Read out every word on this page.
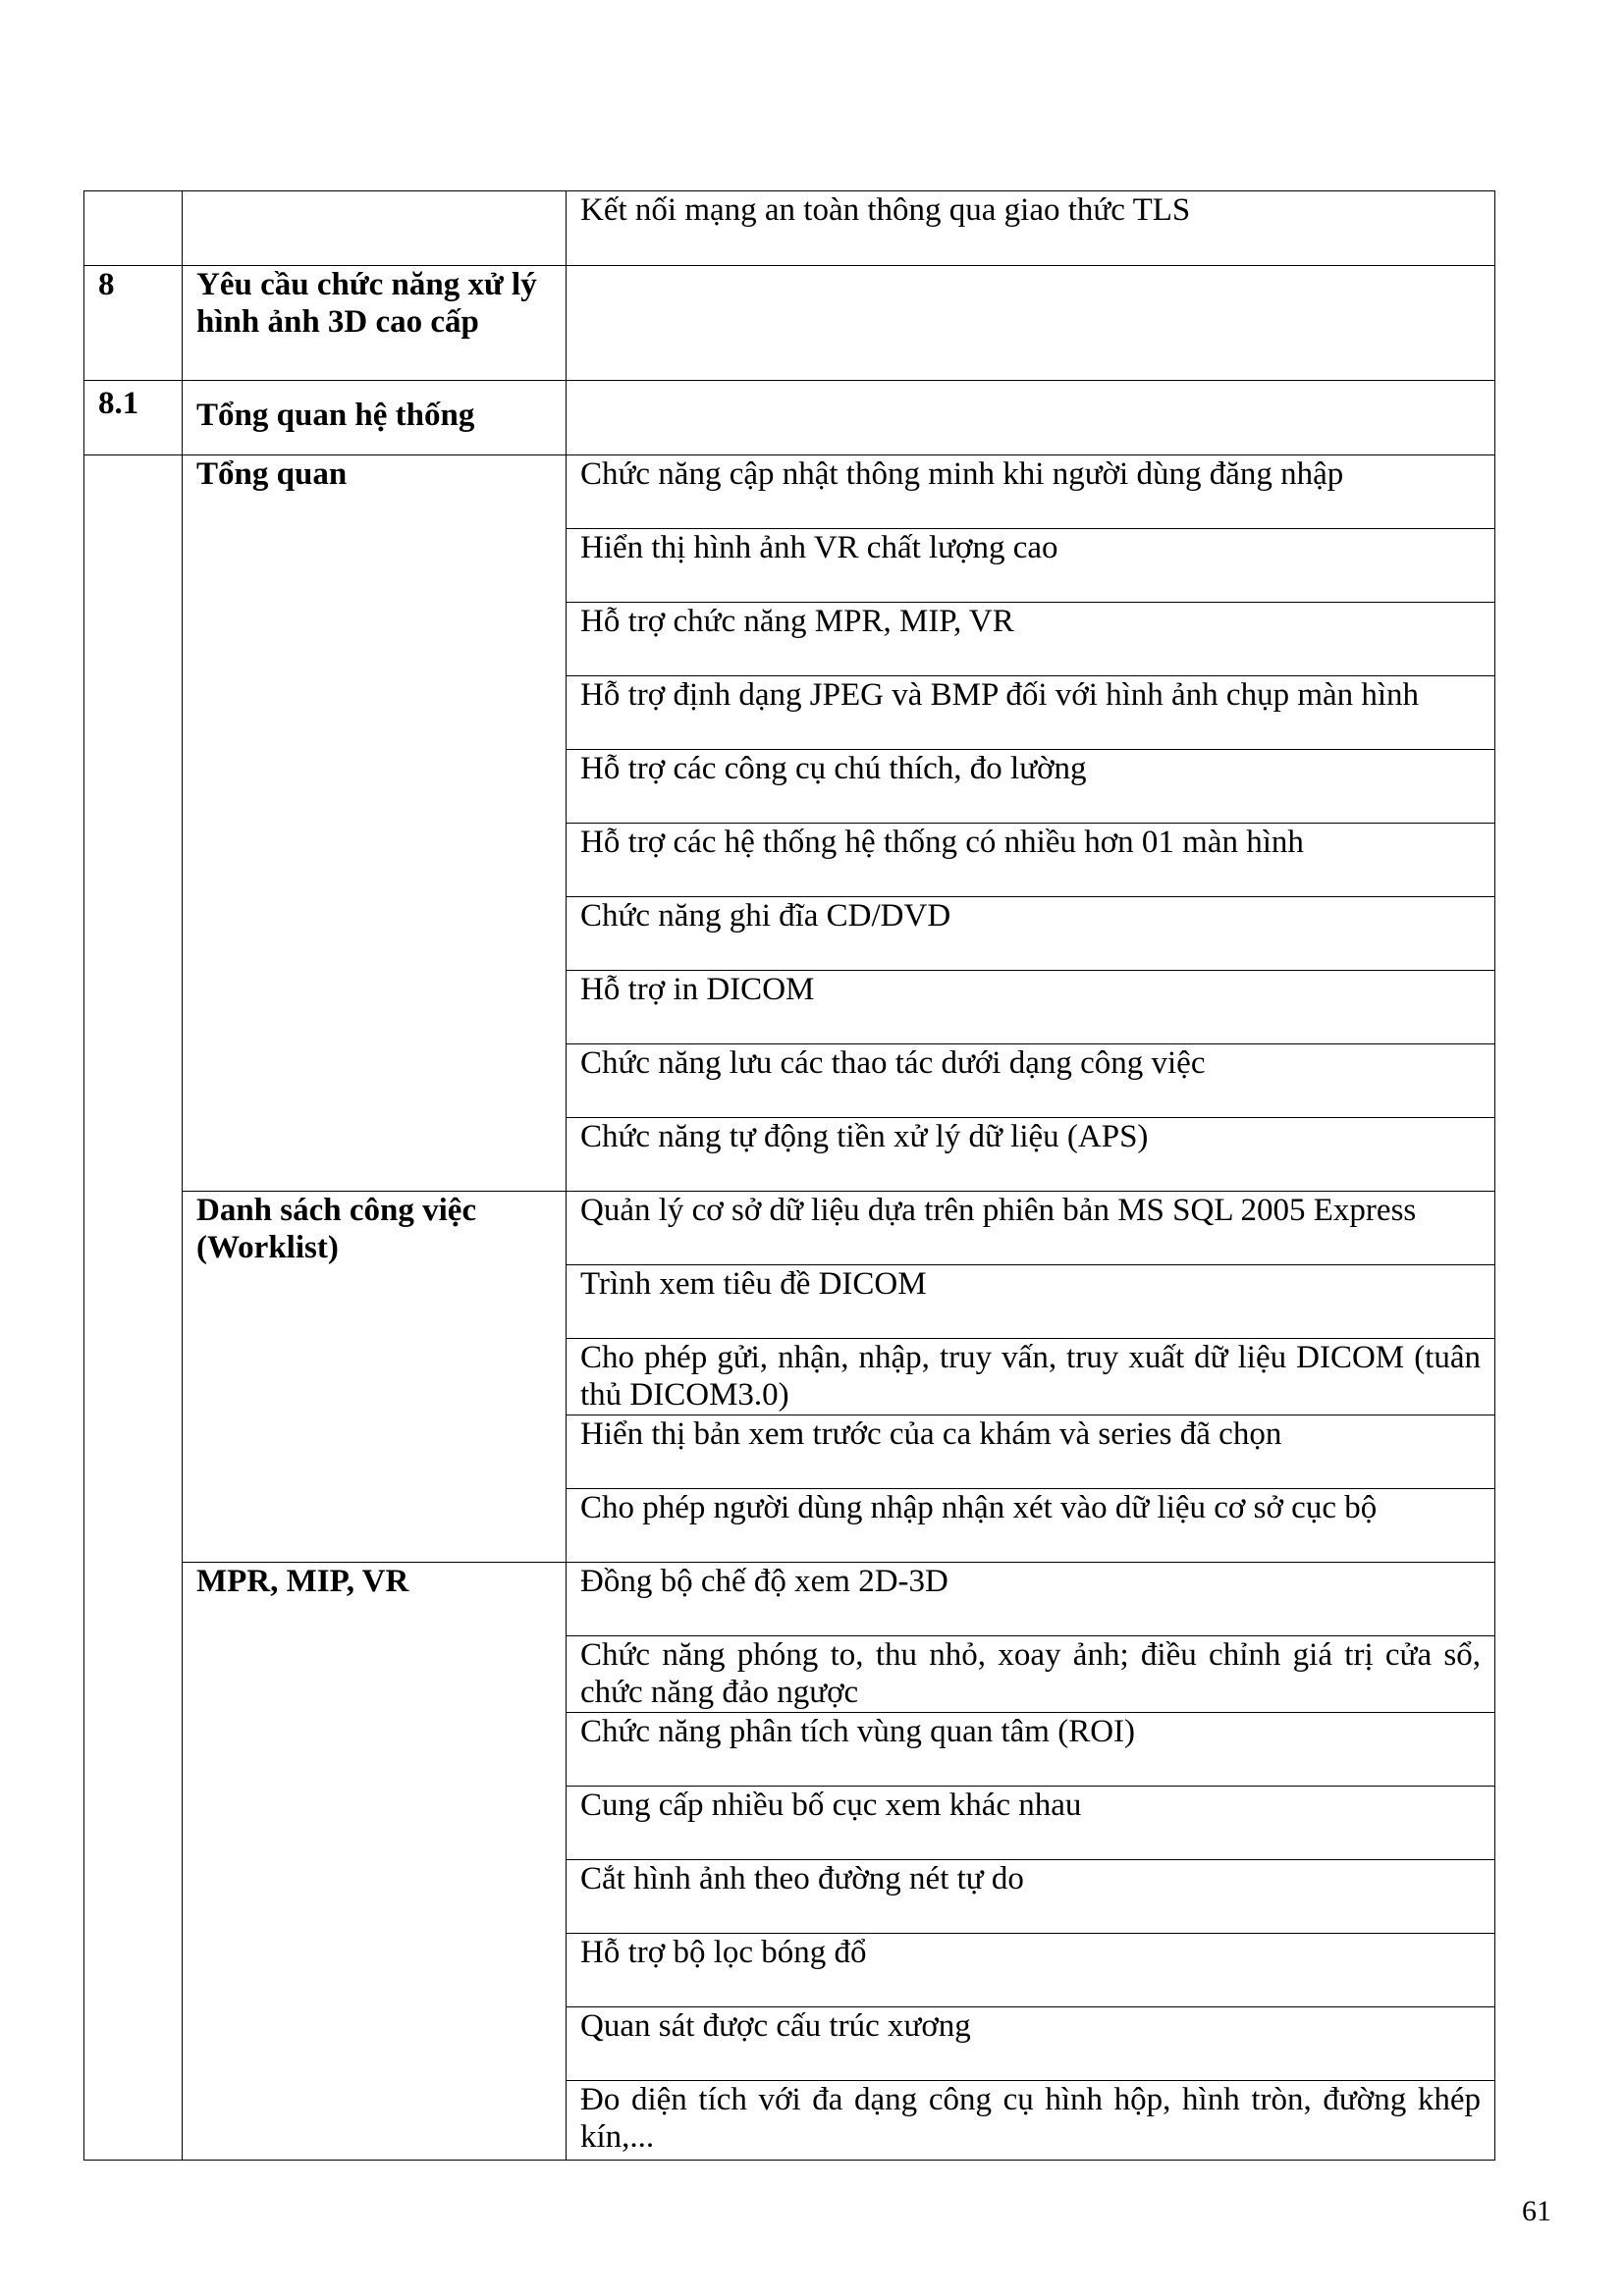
		Kết nối mạng an toàn thông qua giao thức TLS
8	Yêu cầu chức năng xử lý hình ảnh 3D cao cấp	
8.1	Tổng quan hệ thống	
	Tổng quan	Chức năng cập nhật thông minh khi người dùng đăng nhập
		Hiển thị hình ảnh VR chất lượng cao
		Hỗ trợ chức năng MPR, MIP, VR
		Hỗ trợ định dạng JPEG và BMP đối với hình ảnh chụp màn hình
		Hỗ trợ các công cụ chú thích, đo lường
		Hỗ trợ các hệ thống hệ thống có nhiều hơn 01 màn hình
		Chức năng ghi đĩa CD/DVD
		Hỗ trợ in DICOM
		Chức năng lưu các thao tác dưới dạng công việc
		Chức năng tự động tiền xử lý dữ liệu (APS)
	Danh sách công việc (Worklist)	Quản lý cơ sở dữ liệu dựa trên phiên bản MS SQL 2005 Express
		Trình xem tiêu đề DICOM
		Cho phép gửi, nhận, nhập, truy vấn, truy xuất dữ liệu DICOM (tuân thủ DICOM3.0)
		Hiển thị bản xem trước của ca khám và series đã chọn
		Cho phép người dùng nhập nhận xét vào dữ liệu cơ sở cục bộ
	MPR, MIP, VR	Đồng bộ chế độ xem 2D-3D
		Chức năng phóng to, thu nhỏ, xoay ảnh; điều chỉnh giá trị cửa sổ, chức năng đảo ngược
		Chức năng phân tích vùng quan tâm (ROI)
		Cung cấp nhiều bố cục xem khác nhau
		Cắt hình ảnh theo đường nét tự do
		Hỗ trợ bộ lọc bóng đổ
		Quan sát được cấu trúc xương
		Đo diện tích với đa dạng công cụ hình hộp, hình tròn, đường khép kín,...
61
